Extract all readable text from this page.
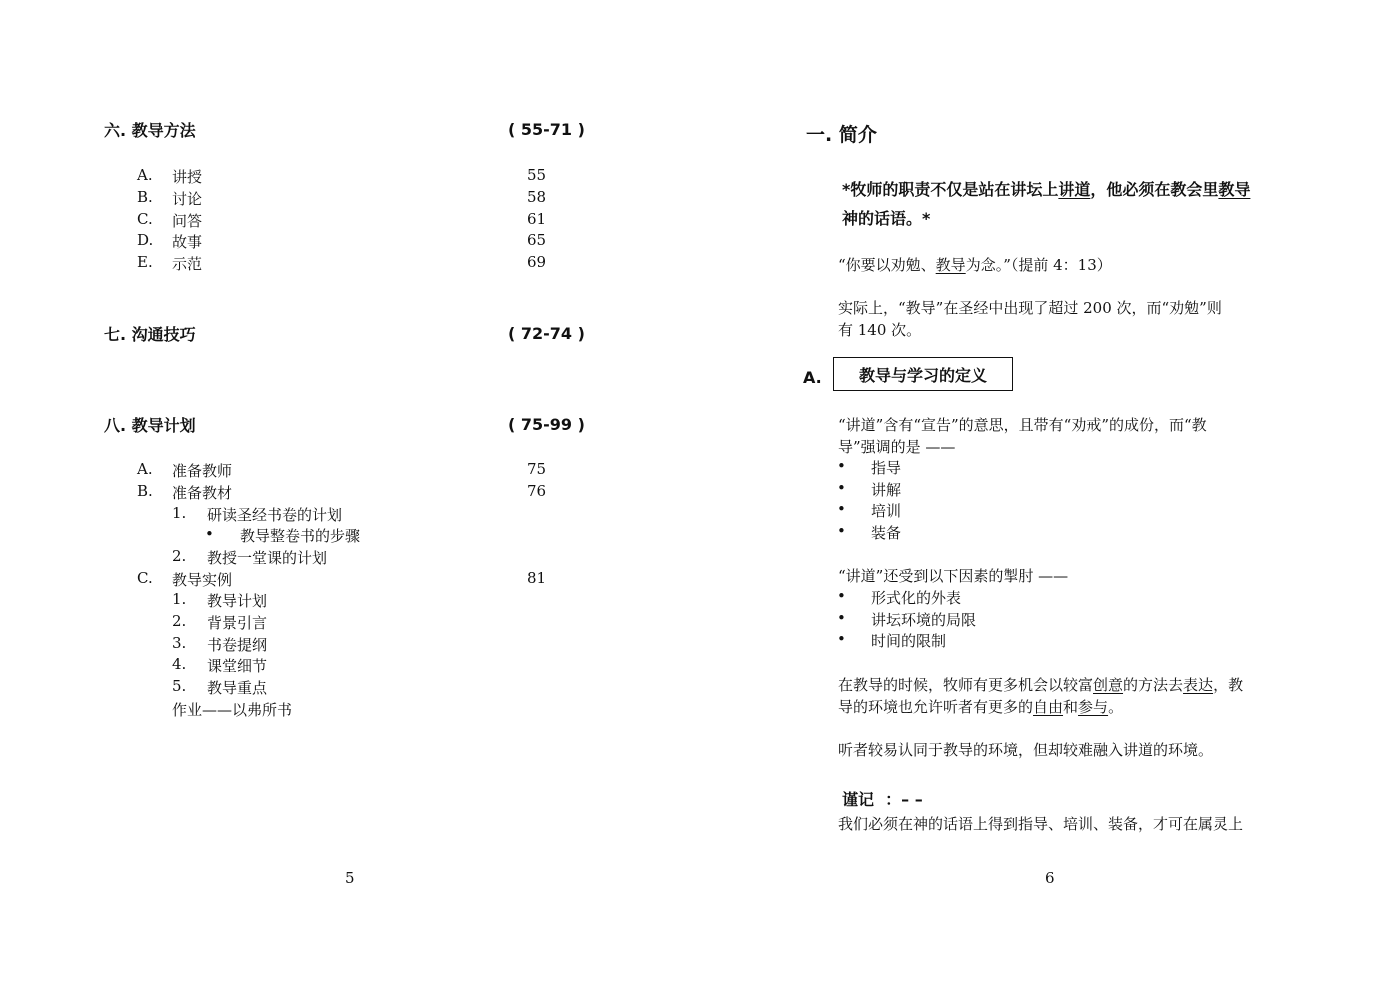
六. 教导方法	( 55-71 )
A. 讲授	55
B. 讨论	58
C. 问答	61
D. 故事	65
E. 示范	69
七. 沟通技巧	( 72-74 )
八. 教导计划	( 75-99 )
A. 准备教师	75
B. 准备教材	76
1. 研读圣经书卷的计划
• 教导整卷书的步骤
2. 教授一堂课的计划
C. 教导实例	81
1. 教导计划
2. 背景引言
3. 书卷提纲
4. 课堂细节
5. 教导重点
作业——以弗所书
5
一. 简介
*牧师的职责不仅是站在讲坛上讲道，他必须在教会里教导
神的话语。*
“你要以劝勉、教导为念。”（提前 4：13）
实际上，“教导”在圣经中出现了超过 200 次，而“劝勉”则
有 140 次。
A. 教导与学习的定义
“讲道”含有“宣告”的意思，且带有“劝戒”的成份，而“教
导”强调的是 ——
• 指导
• 讲解
• 培训
• 装备
“讲道”还受到以下因素的掣肘 ——
• 形式化的外表
• 讲坛环境的局限
• 时间的限制
在教导的时候，牧师有更多机会以较富创意的方法去表达，教
导的环境也允许听者有更多的自由和参与。
听者较易认同于教导的环境，但却较难融入讲道的环境。
谨记 ：– –
我们必须在神的话语上得到指导、培训、装备，才可在属灵上
6
